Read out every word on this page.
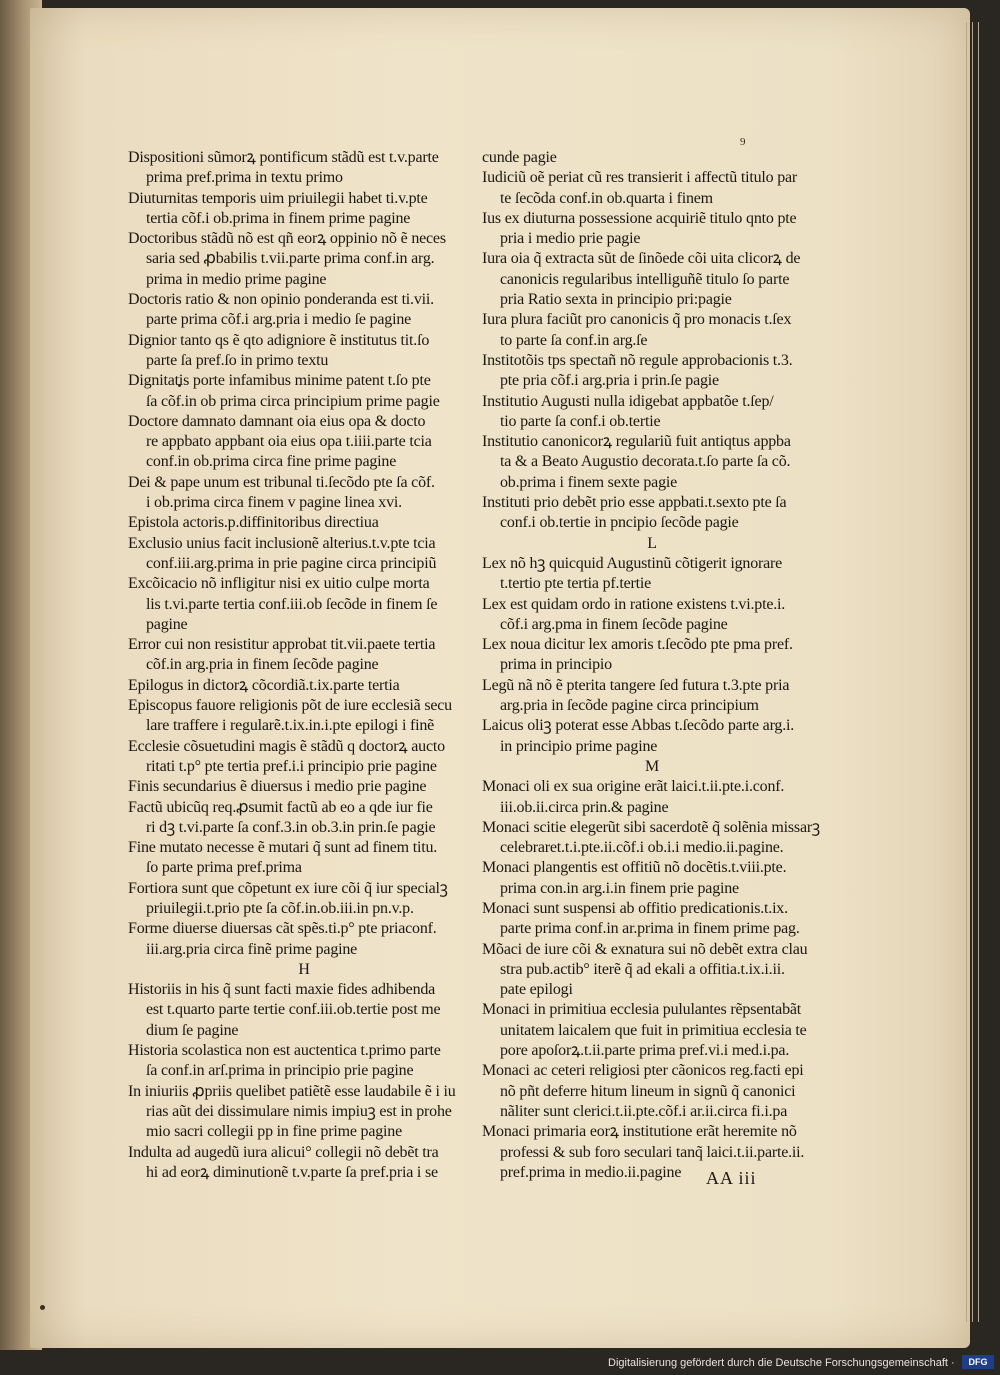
9

Dispositioni sũmorꝝ pontificum stãdũ est t.v.parte

prima pref.prima in textu primo

Diuturnitas temporis uim priuilegii habet ti.v.pte

tertia cõf.i ob.prima in finem prime pagine

Doctoribus stãdũ nõ est qñ eorꝝ oppinio nõ ẽ neces

saria sed ꝓbabilis t.vii.parte prima conf.in arg.

prima in medio prime pagine

Doctoris ratio & non opinio ponderanda est ti.vii.

parte prima cõf.i arg.pria i medio ſe pagine

Dignior tanto qs ẽ qto adigniore ẽ institutus tit.ſo

parte ſa pref.ſo in primo textu

Dignitatis porte infamibus minime patent t.ſo pte

ſa cõf.in ob prima circa principium prime pagie

Doctore damnato damnant oia eius opa & docto

re appbato appbant oia eius opa t.iiii.parte tcia

conf.in ob.prima circa fine prime pagine

Dei & pape unum est tribunal ti.ſecõdo pte ſa cõf.

i ob.prima circa finem v pagine linea xvi.

Epistola actoris.p.diffinitoribus directiua

Exclusio unius facit inclusionẽ alterius.t.v.pte tcia

conf.iii.arg.prima in prie pagine circa principiũ

Excõicacio nõ infligitur nisi ex uitio culpe morta

lis t.vi.parte tertia conf.iii.ob ſecõde in finem ſe

pagine

Error cui non resistitur approbat tit.vii.paete tertia

cõf.in arg.pria in finem ſecõde pagine

Epilogus in dictorꝝ cõcordiã.t.ix.parte tertia

Episcopus fauore religionis põt de iure ecclesiã secu

lare traffere i regularẽ.t.ix.in.i.pte epilogi i finẽ

Ecclesie cõsuetudini magis ẽ stãdũ q doctorꝝ aucto

ritati t.p° pte tertia pref.i.i principio prie pagine

Finis secundarius ẽ diuersus i medio prie pagine

Factũ ubicũq req.ꝓsumit factũ ab eo a qde iur fie

ri dꝫ t.vi.parte ſa conf.3.in ob.3.in prin.ſe pagie

Fine mutato necesse ẽ mutari q̃ sunt ad finem titu.

ſo parte prima pref.prima

Fortiora sunt que cõpetunt ex iure cõi q̃ iur specialꝫ

priuilegii.t.prio pte ſa cõf.in.ob.iii.in pn.v.p.

Forme diuerse diuersas cãt spẽs.ti.p° pte priaconf.

iii.arg.pria circa finẽ prime pagine

H

Historiis in his q̃ sunt facti maxie fides adhibenda

est t.quarto parte tertie conf.iii.ob.tertie post me

dium ſe pagine

Historia scolastica non est auctentica t.primo parte

ſa conf.in arſ.prima in principio prie pagine

In iniuriis ꝓpriis quelibet patiẽtẽ esse laudabile ẽ i iu

rias aũt dei dissimulare nimis impiuꝫ est in prohe

mio sacri collegii pp in fine prime pagine

Indulta ad augedũ iura alicui° collegii nõ debẽt tra

hi ad eorꝝ diminutionẽ t.v.parte ſa pref.pria i se

cunde pagie

Iudiciũ oẽ periat cũ res transierit i affectũ titulo par

te ſecõda conf.in ob.quarta i finem

Ius ex diuturna possessione acquiriẽ titulo qnto pte

pria i medio prie pagie

Iura oia q̃ extracta sũt de ſinõede cõi uita clicorꝝ de

canonicis regularibus intelliguñẽ titulo ſo parte

pria Ratio sexta in principio pri:pagie

Iura plura faciũt pro canonicis q̃ pro monacis t.ſex

to parte ſa conf.in arg.ſe

Institotõis tps spectañ nõ regule approbacionis t.3.

pte pria cõf.i arg.pria i prin.ſe pagie

Institutio Augusti nulla idigebat appbatõe t.ſep/

tio parte ſa conf.i ob.tertie

Institutio canonicorꝝ regulariũ fuit antiqtus appba

ta & a Beato Augustio decorata.t.ſo parte ſa cõ.

ob.prima i finem sexte pagie

Instituti prio debẽt prio esse appbati.t.sexto pte ſa

conf.i ob.tertie in pncipio ſecõde pagie

L

Lex nõ hꝫ quicquid Augustinũ cõtigerit ignorare

t.tertio pte tertia pf.tertie

Lex est quidam ordo in ratione existens t.vi.pte.i.

cõf.i arg.pma in finem ſecõde pagine

Lex noua dicitur lex amoris t.ſecõdo pte pma pref.

prima in principio

Legũ nã nõ ẽ pterita tangere ſed futura t.3.pte pria

arg.pria in ſecõde pagine circa principium

Laicus oliꝫ poterat esse Abbas t.ſecõdo parte arg.i.

in principio prime pagine

M

Monaci oli ex sua origine erãt laici.t.ii.pte.i.conf.

iii.ob.ii.circa prin.& pagine

Monaci scitie elegerũt sibi sacerdotẽ q̃ solẽnia missarꝫ

celebraret.t.i.pte.ii.cõf.i ob.i.i medio.ii.pagine.

Monaci plangentis est offitiũ nõ docẽtis.t.viii.pte.

prima con.in arg.i.in finem prie pagine

Monaci sunt suspensi ab offitio predicationis.t.ix.

parte prima conf.in ar.prima in finem prime pag.

Mõaci de iure cõi & exnatura sui nõ debẽt extra clau

stra pub.actib° iterẽ q̃ ad ekali a offitia.t.ix.i.ii.

pate epilogi

Monaci in primitiua ecclesia pululantes rẽpsentabãt

unitatem laicalem que fuit in primitiua ecclesia te

pore apoſorꝝ.t.ii.parte prima pref.vi.i med.i.pa.

Monaci ac ceteri religiosi pter cãonicos reg.facti epi

nõ pñt deferre hitum lineum in signũ q̃ canonici

nãliter sunt clerici.t.ii.pte.cõf.i ar.ii.circa fi.i.pa

Monaci primaria eorꝝ institutione erãt heremite nõ

professi & sub foro seculari tanq̃ laici.t.ii.parte.ii.

pref.prima in medio.ii.pagine	AA iii
Digitalisierung gefördert durch die Deutsche Forschungsgemeinschaft ·	DFG
